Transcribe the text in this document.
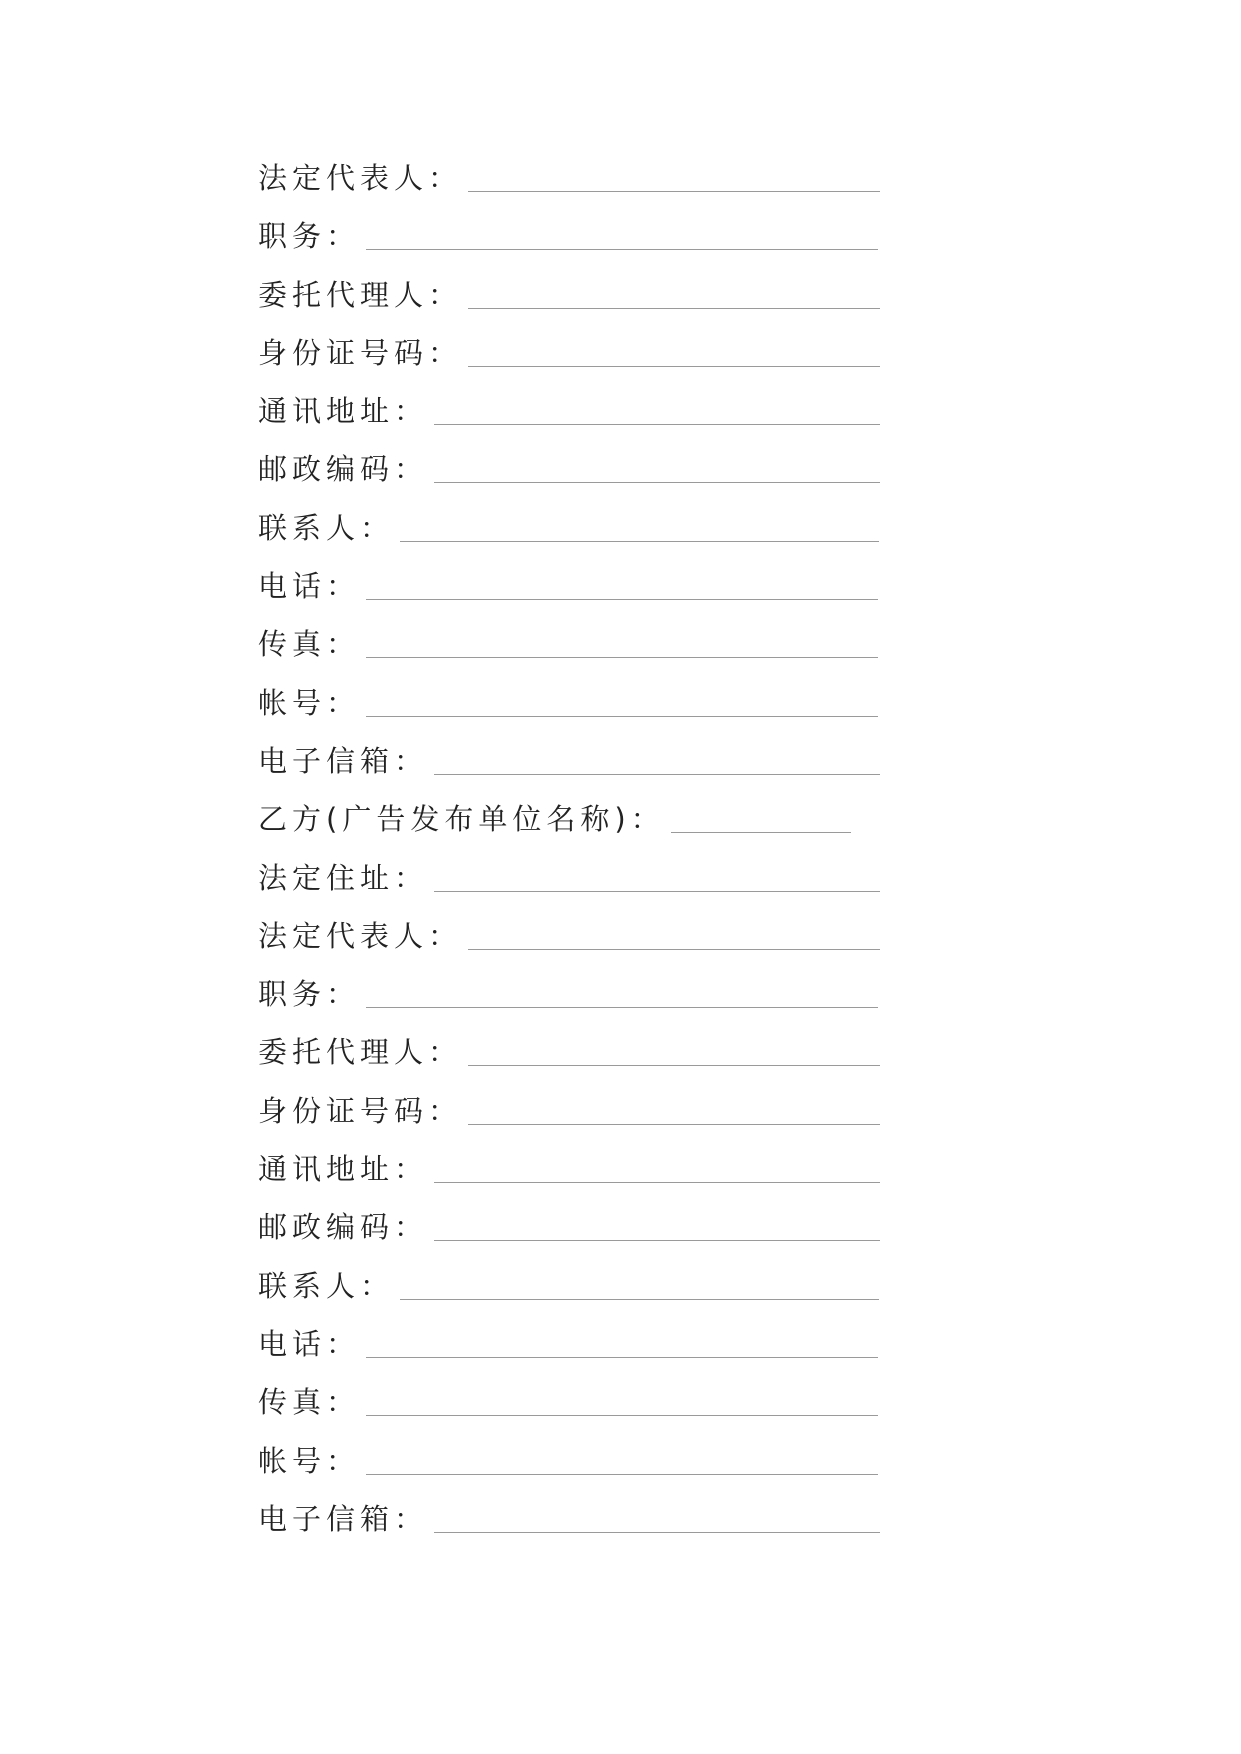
法定代表人：
职务：
委托代理人：
身份证号码：
通讯地址：
邮政编码：
联系人：
电话：
传真：
帐号：
电子信箱：
乙方(广告发布单位名称)：
法定住址：
法定代表人：
职务：
委托代理人：
身份证号码：
通讯地址：
邮政编码：
联系人：
电话：
传真：
帐号：
电子信箱：
